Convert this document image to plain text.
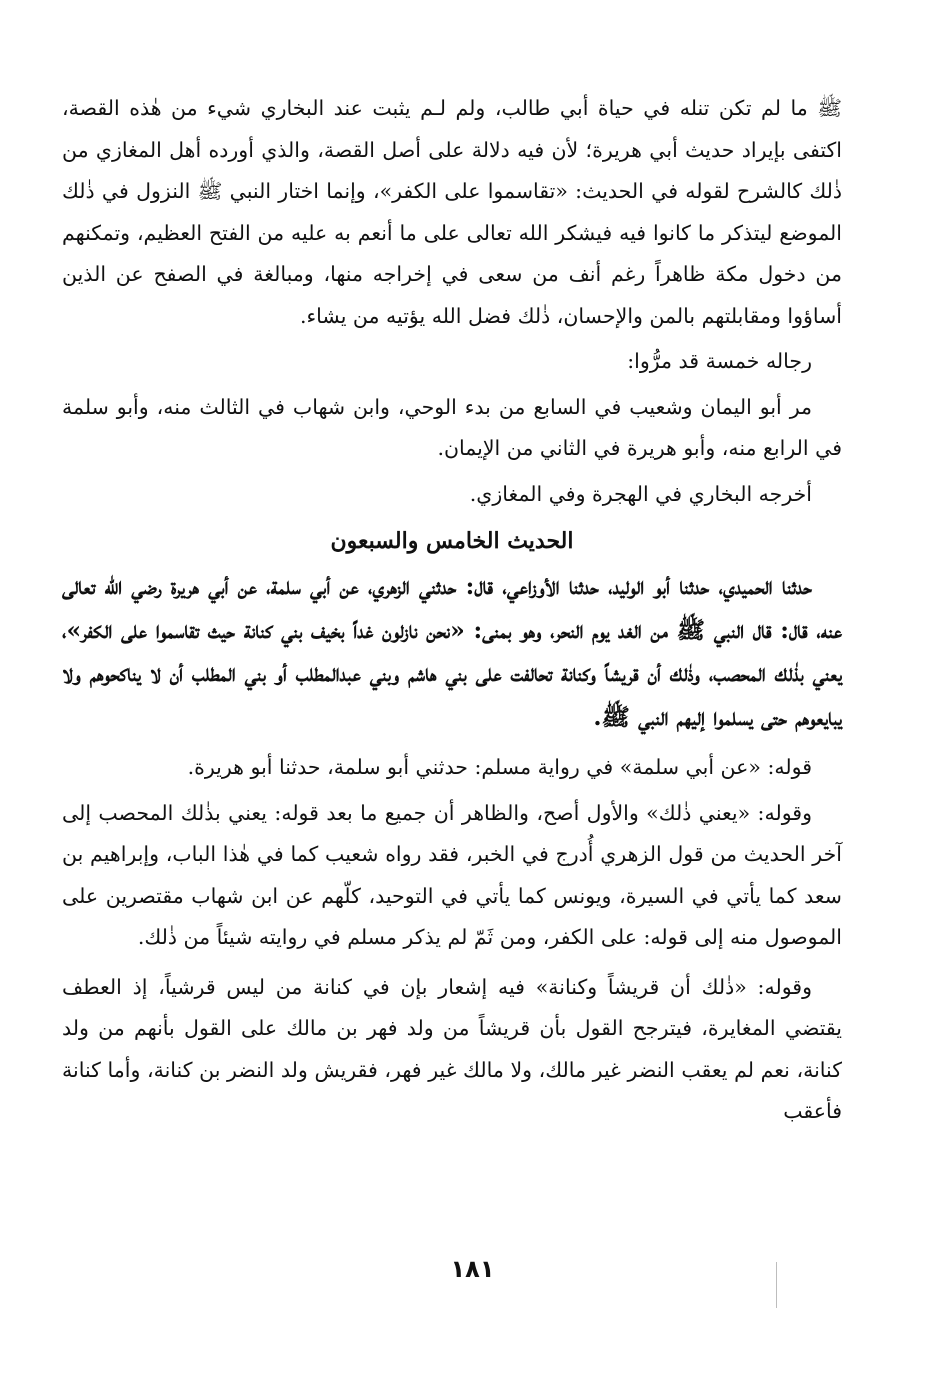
ﷺ ما لم تكن تنله في حياة أبي طالب، ولم لـم يثبت عند البخاري شيء من هٰذه القصة، اكتفى بإيراد حديث أبي هريرة؛ لأن فيه دلالة على أصل القصة، والذي أورده أهل المغازي من ذٰلك كالشرح لقوله في الحديث: «تقاسموا على الكفر»، وإنما اختار النبي ﷺ النزول في ذٰلك الموضع ليتذكر ما كانوا فيه فيشكر الله تعالى على ما أنعم به عليه من الفتح العظيم، وتمكنهم من دخول مكة ظاهراً رغم أنف من سعى في إخراجه منها، ومبالغة في الصفح عن الذين أساؤوا ومقابلتهم بالمن والإحسان، ذٰلك فضل الله يؤتيه من يشاء.

رجاله خمسة قد مرُّوا:

مر أبو اليمان وشعيب في السابع من بدء الوحي، وابن شهاب في الثالث منه، وأبو سلمة في الرابع منه، وأبو هريرة في الثاني من الإيمان.

أخرجه البخاري في الهجرة وفي المغازي.

الحديث الخامس والسبعون

حدثنا الحميدي، حدثنا أبو الوليد، حدثنا الأوزاعي، قال: حدثني الزهري، عن أبي سلمة، عن أبي هريرة رضي الله تعالى عنه، قال: قال النبي ﷺ من الغد يوم النحر، وهو بمنى: «نحن نازلون غداً بخيف بني كنانة حيث تقاسموا على الكفر»، يعني بذٰلك المحصب، وذٰلك أن قريشاً وكنانة تحالفت على بني هاشم وبني عبدالمطلب أو بني المطلب أن لا يناكحوهم ولا يبايعوهم حتى يسلموا إليهم النبي ﷺ.

قوله: «عن أبي سلمة» في رواية مسلم: حدثني أبو سلمة، حدثنا أبو هريرة.

وقوله: «يعني ذٰلك» والأول أصح، والظاهر أن جميع ما بعد قوله: يعني بذٰلك المحصب إلى آخر الحديث من قول الزهري أُدرج في الخبر، فقد رواه شعيب كما في هٰذا الباب، وإبراهيم بن سعد كما يأتي في السيرة، ويونس كما يأتي في التوحيد، كلّهم عن ابن شهاب مقتصرين على الموصول منه إلى قوله: على الكفر، ومن ثَمّ لم يذكر مسلم في روايته شيئاً من ذٰلك.

وقوله: «ذٰلك أن قريشاً وكنانة» فيه إشعار بإن في كنانة من ليس قرشياً، إذ العطف يقتضي المغايرة، فيترجح القول بأن قريشاً من ولد فهر بن مالك على القول بأنهم من ولد كنانة، نعم لم يعقب النضر غير مالك، ولا مالك غير فهر، فقريش ولد النضر بن كنانة، وأما كنانة فأعقب

١٨١
